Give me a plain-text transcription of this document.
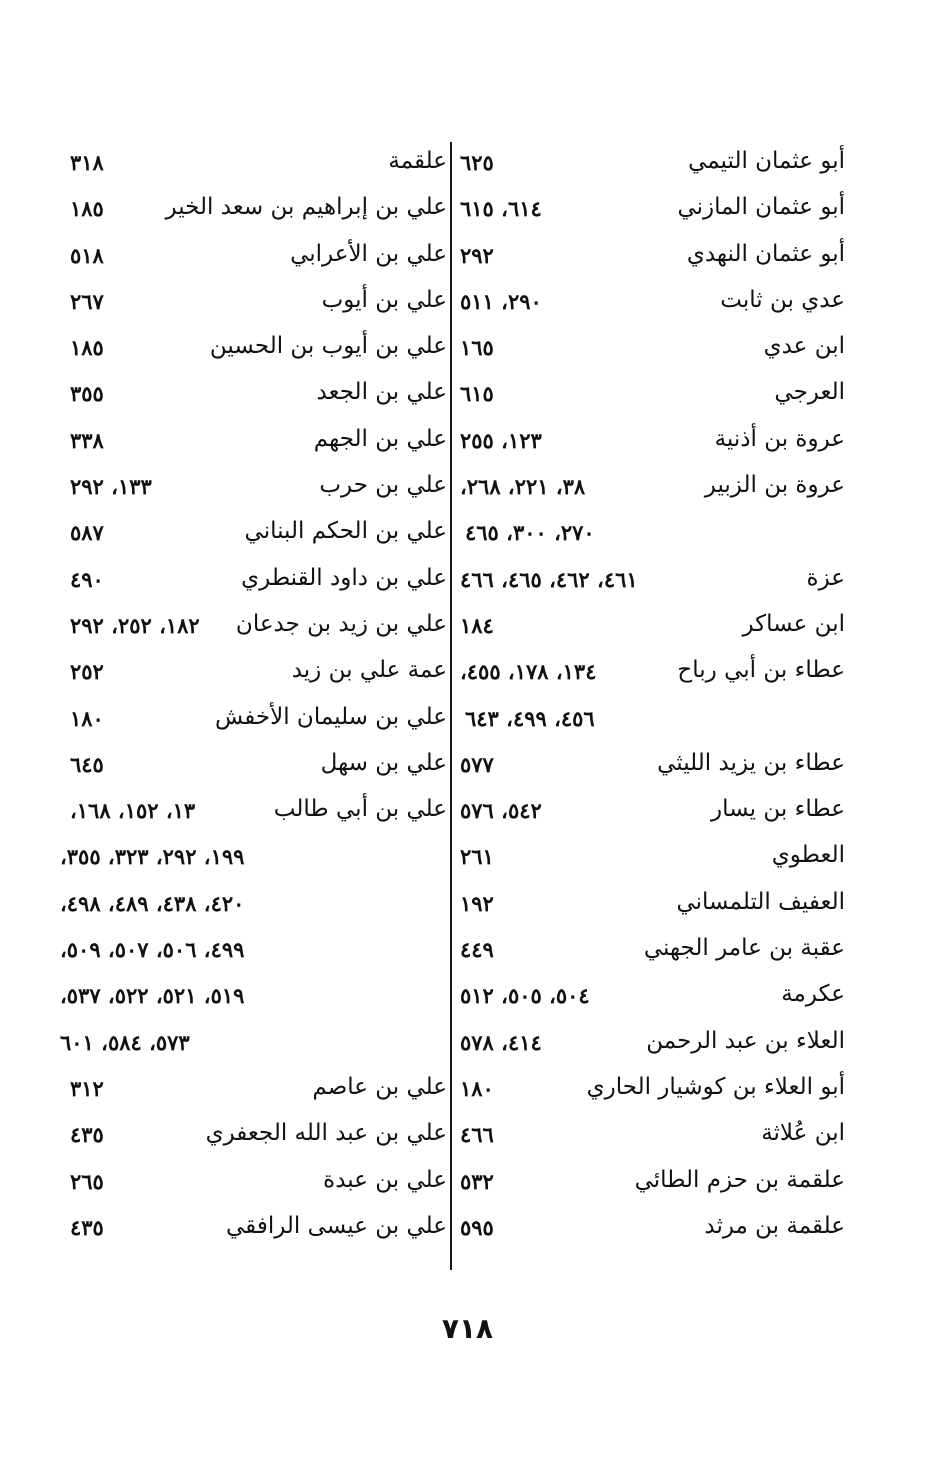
أبو عثمان التيمي
٦٢٥
أبو عثمان المازني
٦١٤، ٦١٥
أبو عثمان النهدي
٢٩٢
عدي بن ثابت
٢٩٠، ٥١١
ابن عدي
١٦٥
العرجي
٦١٥
عروة بن أذنية
١٢٣، ٢٥٥
عروة بن الزبير
٣٨، ٢٢١، ٢٦٨،
٢٧٠، ٣٠٠، ٤٦٥
عزة
٤٦١، ٤٦٢، ٤٦٥، ٤٦٦
ابن عساكر
١٨٤
عطاء بن أبي رباح
١٣٤، ١٧٨، ٤٥٥،
٤٥٦، ٤٩٩، ٦٤٣
عطاء بن يزيد الليثي
٥٧٧
عطاء بن يسار
٥٤٢، ٥٧٦
العطوي
٢٦١
العفيف التلمساني
١٩٢
عقبة بن عامر الجهني
٤٤٩
عكرمة
٥٠٤، ٥٠٥، ٥١٢
العلاء بن عبد الرحمن
٤١٤، ٥٧٨
أبو العلاء بن كوشيار الحاري
١٨٠
ابن عُلاثة
٤٦٦
علقمة بن حزم الطائي
٥٣٢
علقمة بن مرثد
٥٩٥
علقمة
٣١٨
علي بن إبراهيم بن سعد الخير
١٨٥
علي بن الأعرابي
٥١٨
علي بن أيوب
٢٦٧
علي بن أيوب بن الحسين
١٨٥
علي بن الجعد
٣٥٥
علي بن الجهم
٣٣٨
علي بن حرب
١٣٣، ٢٩٢
علي بن الحكم البناني
٥٨٧
علي بن داود القنطري
٤٩٠
علي بن زيد بن جدعان
١٨٢، ٢٥٢، ٢٩٢
عمة علي بن زيد
٢٥٢
علي بن سليمان الأخفش
١٨٠
علي بن سهل
٦٤٥
علي بن أبي طالب
١٣، ١٥٢، ١٦٨،
١٩٩، ٢٩٢، ٣٢٣، ٣٥٥،
٤٢٠، ٤٣٨، ٤٨٩، ٤٩٨،
٤٩٩، ٥٠٦، ٥٠٧، ٥٠٩،
٥١٩، ٥٢١، ٥٢٢، ٥٣٧،
٥٧٣، ٥٨٤، ٦٠١
علي بن عاصم
٣١٢
علي بن عبد الله الجعفري
٤٣٥
علي بن عبدة
٢٦٥
علي بن عيسى الرافقي
٤٣٥
٧١٨
